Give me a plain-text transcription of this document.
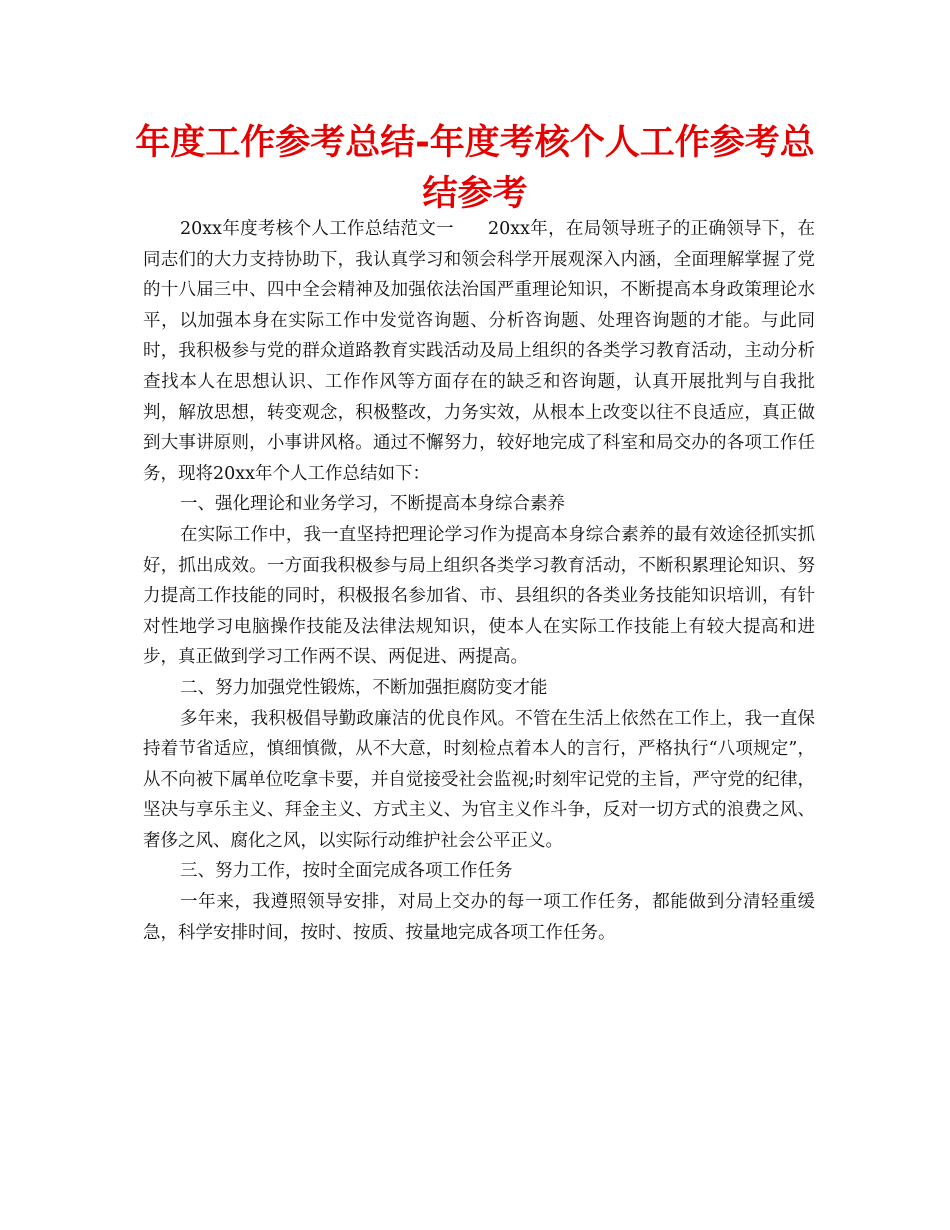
年度工作参考总结-年度考核个人工作参考总结参考

20xx年度考核个人工作总结范文一 20xx年，在局领导班子的正确领导下，在同志们的大力支持协助下，我认真学习和领会科学开展观深入内涵，全面理解掌握了党的十八届三中、四中全会精神及加强依法治国严重理论知识，不断提高本身政策理论水平，以加强本身在实际工作中发觉咨询题、分析咨询题、处理咨询题的才能。与此同时，我积极参与党的群众道路教育实践活动及局上组织的各类学习教育活动，主动分析查找本人在思想认识、工作作风等方面存在的缺乏和咨询题，认真开展批判与自我批判，解放思想，转变观念，积极整改，力务实效，从根本上改变以往不良适应，真正做到大事讲原则，小事讲风格。通过不懈努力，较好地完成了科室和局交办的各项工作任务，现将20xx年个人工作总结如下：

一、强化理论和业务学习，不断提高本身综合素养

在实际工作中，我一直坚持把理论学习作为提高本身综合素养的最有效途径抓实抓好，抓出成效。一方面我积极参与局上组织各类学习教育活动，不断积累理论知识、努力提高工作技能的同时，积极报名参加省、市、县组织的各类业务技能知识培训，有针对性地学习电脑操作技能及法律法规知识，使本人在实际工作技能上有较大提高和进步，真正做到学习工作两不误、两促进、两提高。

二、努力加强党性锻炼，不断加强拒腐防变才能

多年来，我积极倡导勤政廉洁的优良作风。不管在生活上依然在工作上，我一直保持着节省适应，慎细慎微，从不大意，时刻检点着本人的言行，严格执行“八项规定”，从不向被下属单位吃拿卡要，并自觉接受社会监视;时刻牢记党的主旨，严守党的纪律，坚决与享乐主义、拜金主义、方式主义、为官主义作斗争，反对一切方式的浪费之风、奢侈之风、腐化之风，以实际行动维护社会公平正义。

三、努力工作，按时全面完成各项工作任务

一年来，我遵照领导安排，对局上交办的每一项工作任务，都能做到分清轻重缓急，科学安排时间，按时、按质、按量地完成各项工作任务。
